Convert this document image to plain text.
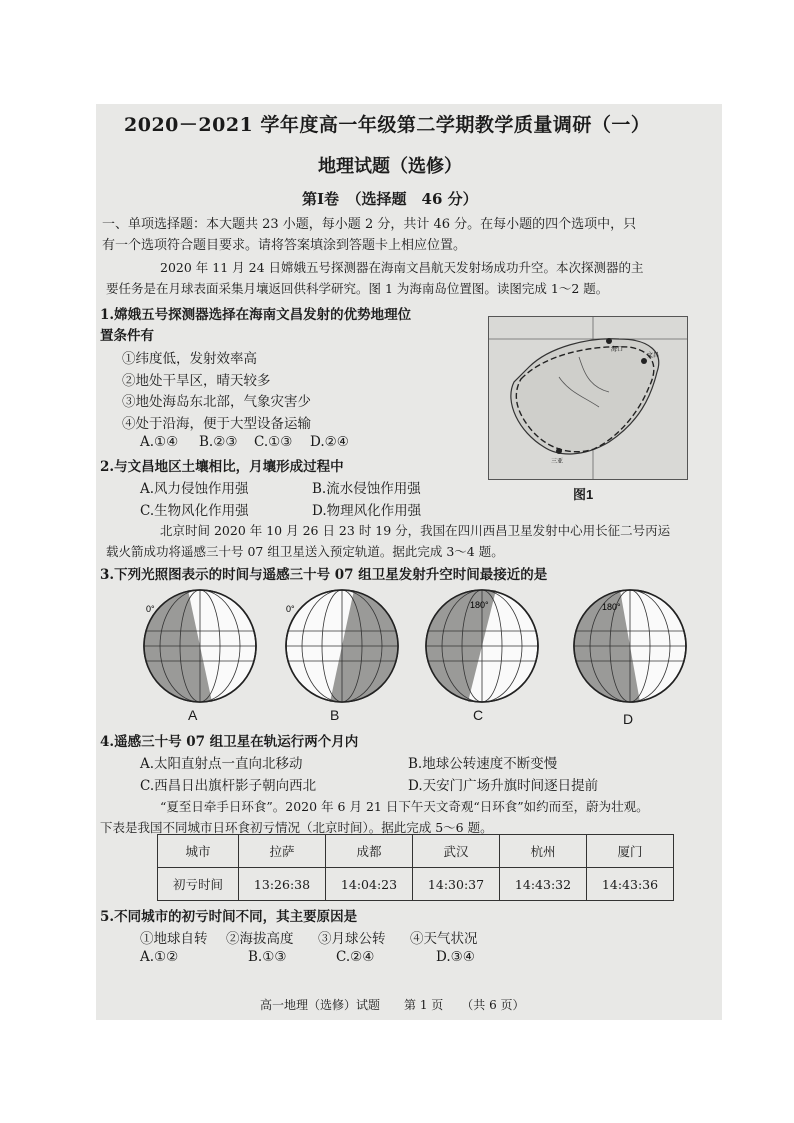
2020－2021 学年度高一年级第二学期教学质量调研（一）
地理试题（选修）
第Ⅰ卷　（选择题　46 分）
一、单项选择题：本大题共 23 小题，每小题 2 分，共计 46 分。在每小题的四个选项中，只
有一个选项符合题目要求。请将答案填涂到答题卡上相应位置。
2020 年 11 月 24 日嫦娥五号探测器在海南文昌航天发射场成功升空。本次探测器的主
要任务是在月球表面采集月壤返回供科学研究。图 1 为海南岛位置图。读图完成 1～2 题。
1.嫦娥五号探测器选择在海南文昌发射的优势地理位
置条件有
①纬度低，发射效率高
②地处干旱区，晴天较多
③地处海岛东北部，气象灾害少
④处于沿海，便于大型设备运输
A.①④ B.②③ C.①③ D.②④
海口
文昌
三亚
图1
2.与文昌地区土壤相比，月壤形成过程中
A.风力侵蚀作用强	B.流水侵蚀作用强
C.生物风化作用强	D.物理风化作用强
北京时间 2020 年 10 月 26 日 23 时 19 分，我国在四川西昌卫星发射中心用长征二号丙运
载火箭成功将遥感三十号 07 组卫星送入预定轨道。据此完成 3～4 题。
3.下列光照图表示的时间与遥感三十号 07 组卫星发射升空时间最接近的是
0°
A
0°
B
180°
C
180°
D
4.遥感三十号 07 组卫星在轨运行两个月内
A.太阳直射点一直向北移动	B.地球公转速度不断变慢
C.西昌日出旗杆影子朝向西北	D.天安门广场升旗时间逐日提前
“夏至日牵手日环食”。2020 年 6 月 21 日下午天文奇观“日环食”如约而至，蔚为壮观。
下表是我国不同城市日环食初亏情况（北京时间）。据此完成 5～6 题。
城市	拉萨	成都	武汉	杭州	厦门
初亏时间	13:26:38	14:04:23	14:30:37	14:43:32	14:43:36
5.不同城市的初亏时间不同，其主要原因是
①地球自转 ②海拔高度 ③月球公转 ④天气状况
A.①②	B.①③	C.②④	D.③④
高一地理（选修）试题　　第 1 页　　（共 6 页）
